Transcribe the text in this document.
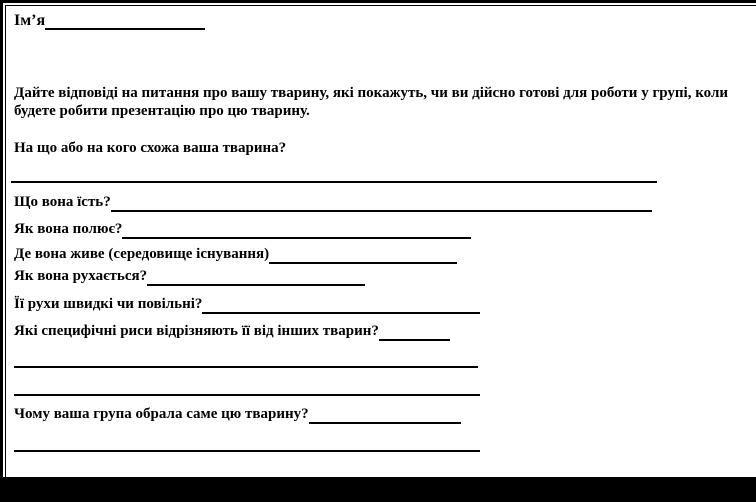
Ім’я
Дайте відповіді на питання про вашу тварину, які покажуть, чи ви дійсно готові для роботи у групі, коли будете робити презентацію про цю тварину.
На що або на кого схожа ваша тварина?
Що вона їсть?
Як вона полює?
Де вона живе (середовище існування)
Як вона рухається?
Її рухи швидкі чи повільні?
Які специфічні риси відрізняють її від інших тварин?
Чому ваша група обрала саме цю тварину?
